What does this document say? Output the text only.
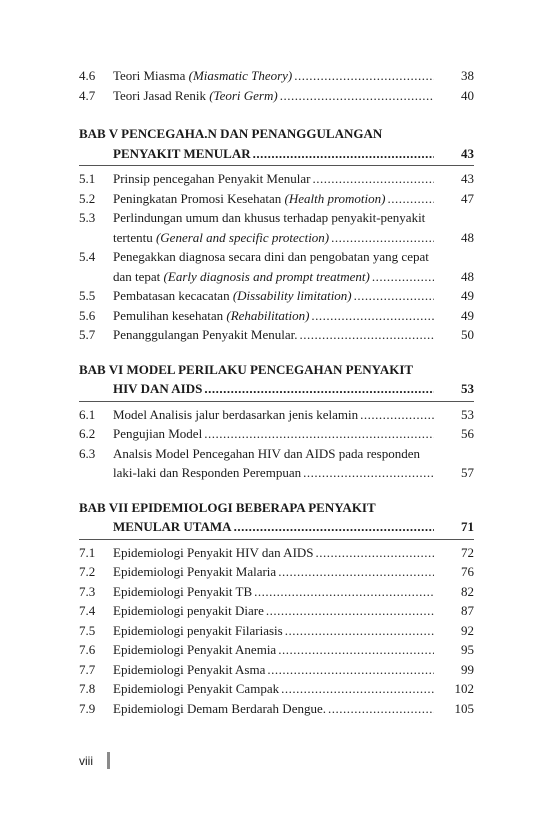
4.6	Teori Miasma (Miasmatic Theory) .....	38
4.7	Teori Jasad Renik (Teori Germ) .....	40
BAB V PENCEGAHA.N DAN PENANGGULANGAN
PENYAKIT MENULAR .....	43
5.1	Prinsip pencegahan Penyakit Menular .....	43
5.2	Peningkatan Promosi Kesehatan (Health promotion) .....	47
5.3	Perlindungan umum dan khusus terhadap penyakit-penyakit
tertentu (General and specific protection) .....	48
5.4	Penegakkan diagnosa secara dini dan pengobatan yang cepat
dan tepat (Early diagnosis and prompt treatment) .....	48
5.5	Pembatasan kecacatan (Dissability limitation) .....	49
5.6	Pemulihan kesehatan (Rehabilitation) .....	49
5.7	Penanggulangan Penyakit Menular. .....	50
BAB VI MODEL PERILAKU PENCEGAHAN PENYAKIT
HIV DAN AIDS .....	53
6.1	Model Analisis jalur berdasarkan jenis kelamin .....	53
6.2	Pengujian Model .....	56
6.3	Analsis Model Pencegahan HIV dan AIDS pada responden
laki-laki dan Responden Perempuan .....	57
BAB VII EPIDEMIOLOGI BEBERAPA PENYAKIT
MENULAR UTAMA .....	71
7.1	Epidemiologi Penyakit HIV dan AIDS .....	72
7.2	Epidemiologi Penyakit Malaria .....	76
7.3	Epidemiologi Penyakit TB .....	82
7.4	Epidemiologi penyakit Diare .....	87
7.5	Epidemiologi penyakit Filariasis .....	92
7.6	Epidemiologi Penyakit Anemia .....	95
7.7	Epidemiologi Penyakit Asma .....	99
7.8	Epidemiologi Penyakit Campak .....	102
7.9	Epidemiologi Demam Berdarah Dengue. .....	105
viii
